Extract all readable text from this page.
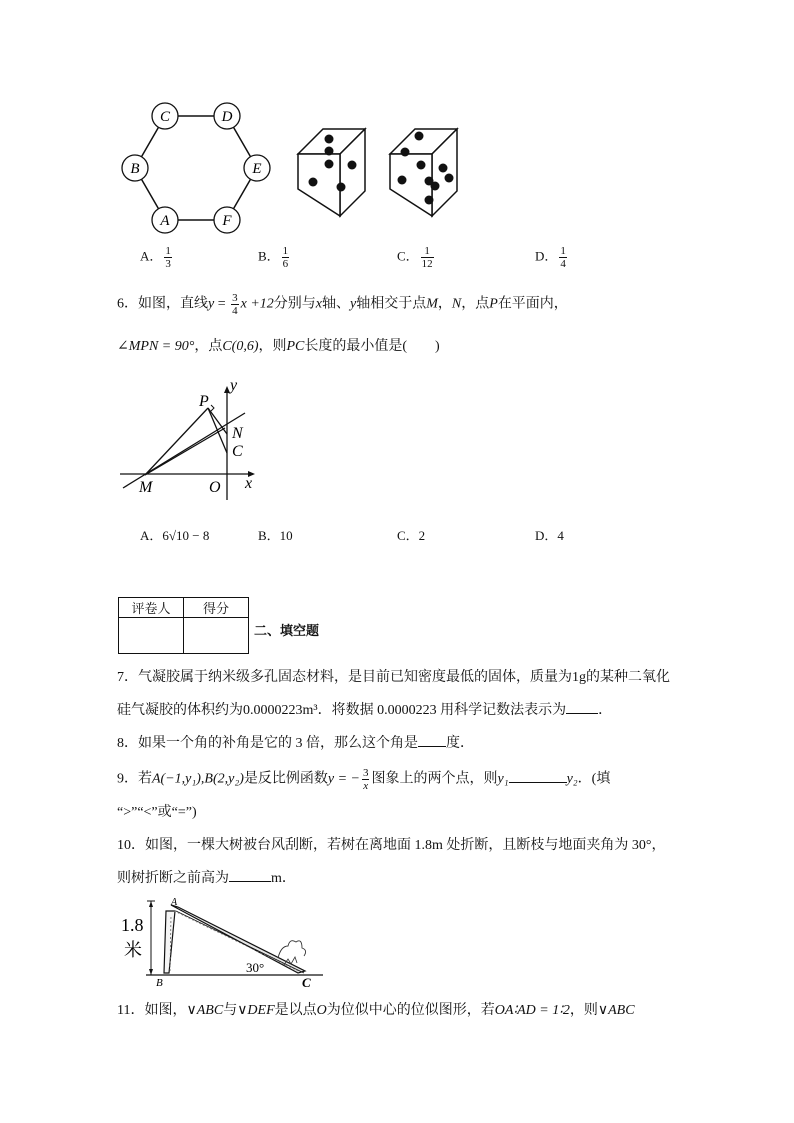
C	D
B	E
A	F
A． $\frac{1}{3}$	B． $\frac{1}{6}$	C． $\frac{1}{12}$	D． $\frac{1}{4}$
6．如图，直线$y = \frac{3}{4}$ x +12分别与x轴、y轴相交于点M，N，点P在平面内，
∠MPN = 90°，点C(0,6)，则PC长度的最小值是(　　)
y
P
N
C
M	O x
A．6√10 − 8	B．10	C．2	D．4
评卷人	得分

二、填空题
7．气凝胶属于纳米级多孔固态材料，是目前已知密度最低的固体，质量为1g的某种二氧化
硅气凝胶的体积约为0.0000223m³．将数据 0.0000223 用科学记数法表示为 ．
8．如果一个角的补角是它的 3 倍，那么这个角是 度．
9．若A(−1,y₁),B(2,y₂)是反比例函数y = − $\frac{3}{x}$ 图象上的两个点，则y₁	y₂．(填
“>”“<”或“=”)
10．如图，一棵大树被台风刮断，若树在离地面 1.8m 处折断，且断枝与地面夹角为 30°，
则树折断之前高为	m．
1.8
米
A
B	C
30°
11．如图，∨ABC与∨DEF是以点O为位似中心的位似图形，若OA∶AD = 1∶2，则∨ABC
